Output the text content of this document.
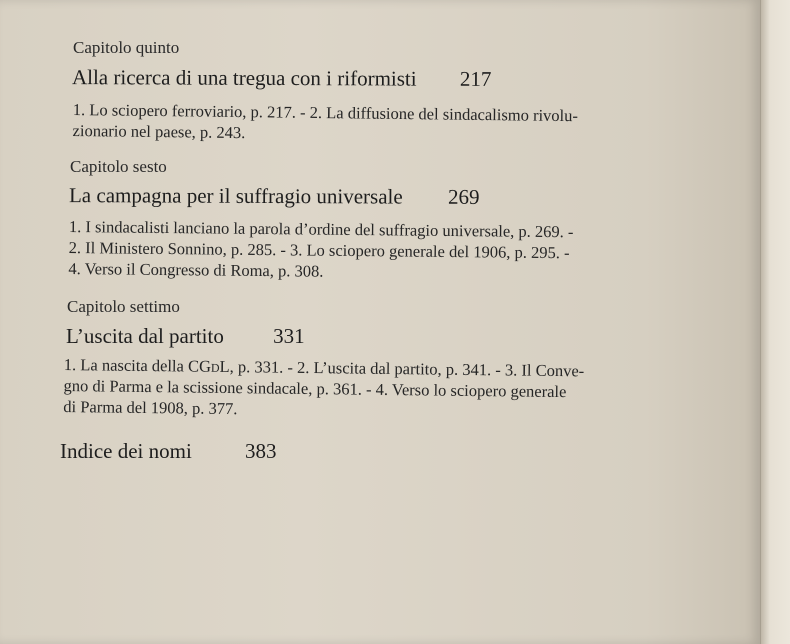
Capitolo quinto
Alla ricerca di una tregua con i riformisti 217
1. Lo sciopero ferroviario, p. 217. - 2. La diffusione del sindacalismo rivolu-
zionario nel paese, p. 243.
Capitolo sesto
La campagna per il suffragio universale 269
1. I sindacalisti lanciano la parola d’ordine del suffragio universale, p. 269. -
2. Il Ministero Sonnino, p. 285. - 3. Lo sciopero generale del 1906, p. 295. -
4. Verso il Congresso di Roma, p. 308.
Capitolo settimo
L’uscita dal partito 331
1. La nascita della CGdL, p. 331. - 2. L’uscita dal partito, p. 341. - 3. Il Conve-
gno di Parma e la scissione sindacale, p. 361. - 4. Verso lo sciopero generale
di Parma del 1908, p. 377.
Indice dei nomi	383
